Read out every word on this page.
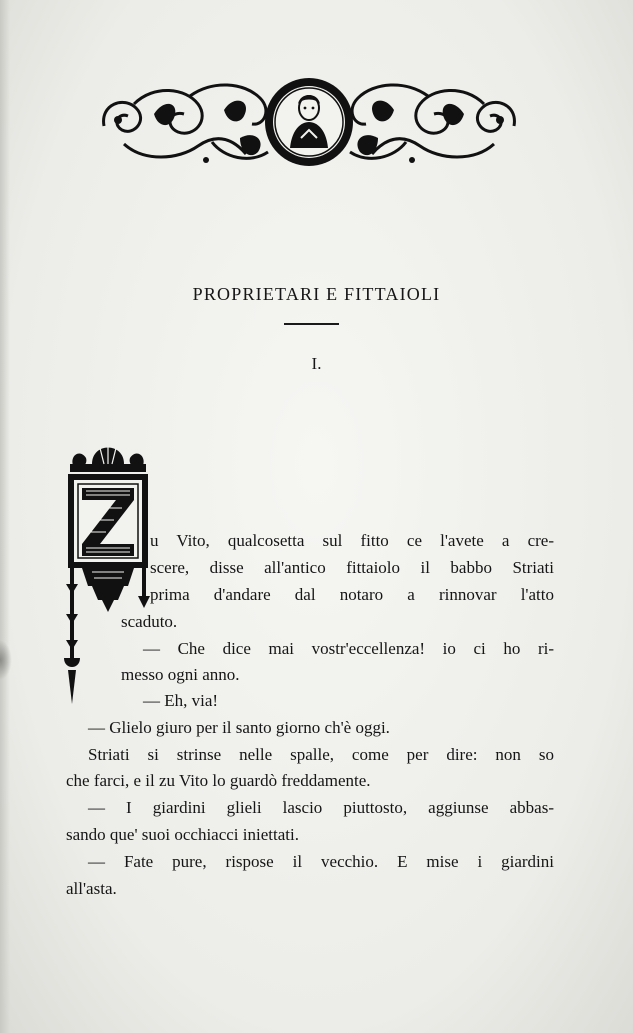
PROPRIETARI E FITTAIOLI
I.
u Vito, qualcosetta sul fitto ce l'avete a cre-
scere, disse all'antico fittaiolo il babbo Striati
prima d'andare dal notaro a rinnovar l'atto
scaduto.
— Che dice mai vostr'eccellenza! io ci ho ri-
messo ogni anno.
— Eh, via!
— Glielo giuro per il santo giorno ch'è oggi.
Striati si strinse nelle spalle, come per dire: non so
che farci, e il zu Vito lo guardò freddamente.
— I giardini glieli lascio piuttosto, aggiunse abbas-
sando que' suoi occhiacci iniettati.
— Fate pure, rispose il vecchio. E mise i giardini
all'asta.
